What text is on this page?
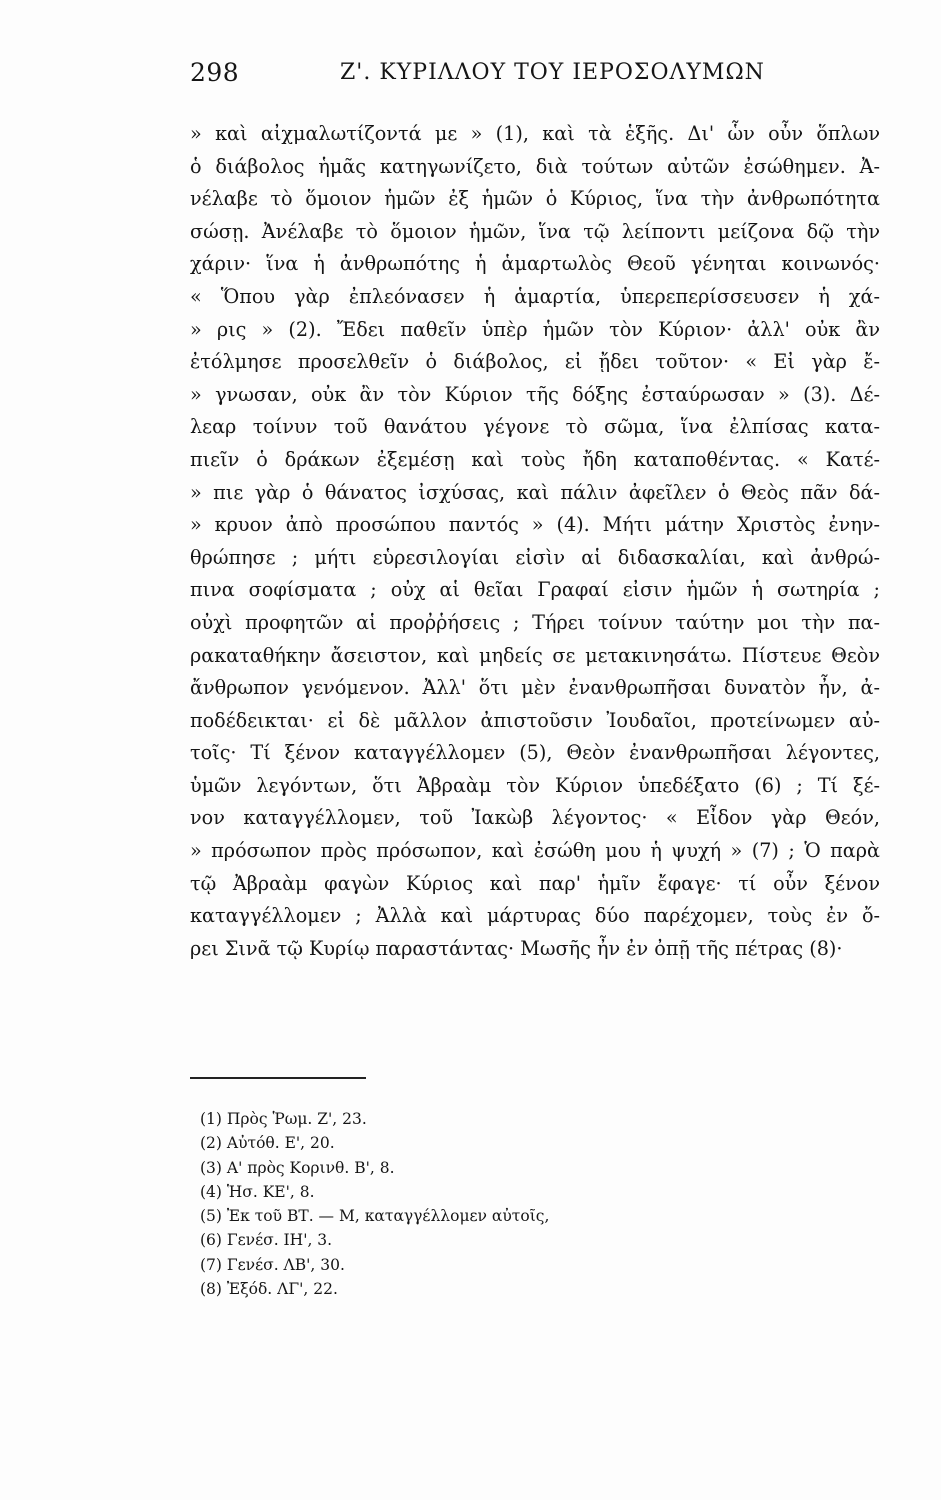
298	Ζ'. ΚΥΡΙΛΛΟΥ ΤΟΥ ΙΕΡΟΣΟΛΥΜΩΝ
» καὶ αἰχμαλωτίζοντά με » (1), καὶ τὰ ἑξῆς. Δι' ὧν οὖν ὅπλων
ὁ διάβολος ἡμᾶς κατηγωνίζετο, διὰ τούτων αὐτῶν ἐσώθημεν. Ἀ-
νέλαβε τὸ ὅμοιον ἡμῶν ἐξ ἡμῶν ὁ Κύριος, ἵνα τὴν ἀνθρωπότητα
σώσῃ. Ἀνέλαβε τὸ ὅμοιον ἡμῶν, ἵνα τῷ λείποντι μείζονα δῷ τὴν
χάριν· ἵνα ἡ ἀνθρωπότης ἡ ἁμαρτωλὸς Θεοῦ γένηται κοινωνός·
« Ὅπου γὰρ ἐπλεόνασεν ἡ ἁμαρτία, ὑπερεπερίσσευσεν ἡ χά-
» ρις » (2). Ἔδει παθεῖν ὑπὲρ ἡμῶν τὸν Κύριον· ἀλλ' οὐκ ἂν
ἐτόλμησε προσελθεῖν ὁ διάβολος, εἰ ᾔδει τοῦτον· « Εἰ γὰρ ἔ-
» γνωσαν, οὐκ ἂν τὸν Κύριον τῆς δόξης ἐσταύρωσαν » (3). Δέ-
λεαρ τοίνυν τοῦ θανάτου γέγονε τὸ σῶμα, ἵνα ἐλπίσας κατα-
πιεῖν ὁ δράκων ἐξεμέσῃ καὶ τοὺς ἤδη καταποθέντας. « Κατέ-
» πιε γὰρ ὁ θάνατος ἰσχύσας, καὶ πάλιν ἀφεῖλεν ὁ Θεὸς πᾶν δά-
» κρυον ἀπὸ προσώπου παντός » (4). Μήτι μάτην Χριστὸς ἐνην-
θρώπησε ; μήτι εὑρεσιλογίαι εἰσὶν αἱ διδασκαλίαι, καὶ ἀνθρώ-
πινα σοφίσματα ; οὐχ αἱ θεῖαι Γραφαί εἰσιν ἡμῶν ἡ σωτηρία ;
οὐχὶ προφητῶν αἱ προῤῥήσεις ; Τήρει τοίνυν ταύτην μοι τὴν πα-
ρακαταθήκην ἄσειστον, καὶ μηδείς σε μετακινησάτω. Πίστευε Θεὸν
ἄνθρωπον γενόμενον. Ἀλλ' ὅτι μὲν ἐνανθρωπῆσαι δυνατὸν ἦν, ἀ-
ποδέδεικται· εἰ δὲ μᾶλλον ἀπιστοῦσιν Ἰουδαῖοι, προτείνωμεν αὐ-
τοῖς· Τί ξένον καταγγέλλομεν (5), Θεὸν ἐνανθρωπῆσαι λέγοντες,
ὑμῶν λεγόντων, ὅτι Ἀβραὰμ τὸν Κύριον ὑπεδέξατο (6) ; Τί ξέ-
νον καταγγέλλομεν, τοῦ Ἰακὼβ λέγοντος· « Εἶδον γὰρ Θεόν,
» πρόσωπον πρὸς πρόσωπον, καὶ ἐσώθη μου ἡ ψυχή » (7) ; Ὁ παρὰ
τῷ Ἀβραὰμ φαγὼν Κύριος καὶ παρ' ἡμῖν ἔφαγε· τί οὖν ξένον
καταγγέλλομεν ; Ἀλλὰ καὶ μάρτυρας δύο παρέχομεν, τοὺς ἐν ὄ-
ρει Σινᾶ τῷ Κυρίῳ παραστάντας· Μωσῆς ἦν ἐν ὀπῇ τῆς πέτρας (8)·
(1) Πρὸς Ῥωμ. Ζ', 23.
(2) Αὐτόθ. Ε', 20.
(3) Α' πρὸς Κορινθ. Β', 8.
(4) Ἡσ. ΚΕ', 8.
(5) Ἐκ τοῦ ΒΤ. — Μ, καταγγέλλομεν αὐτοῖς,
(6) Γενέσ. ΙΗ', 3.
(7) Γενέσ. ΛΒ', 30.
(8) Ἐξόδ. ΛΓ', 22.
